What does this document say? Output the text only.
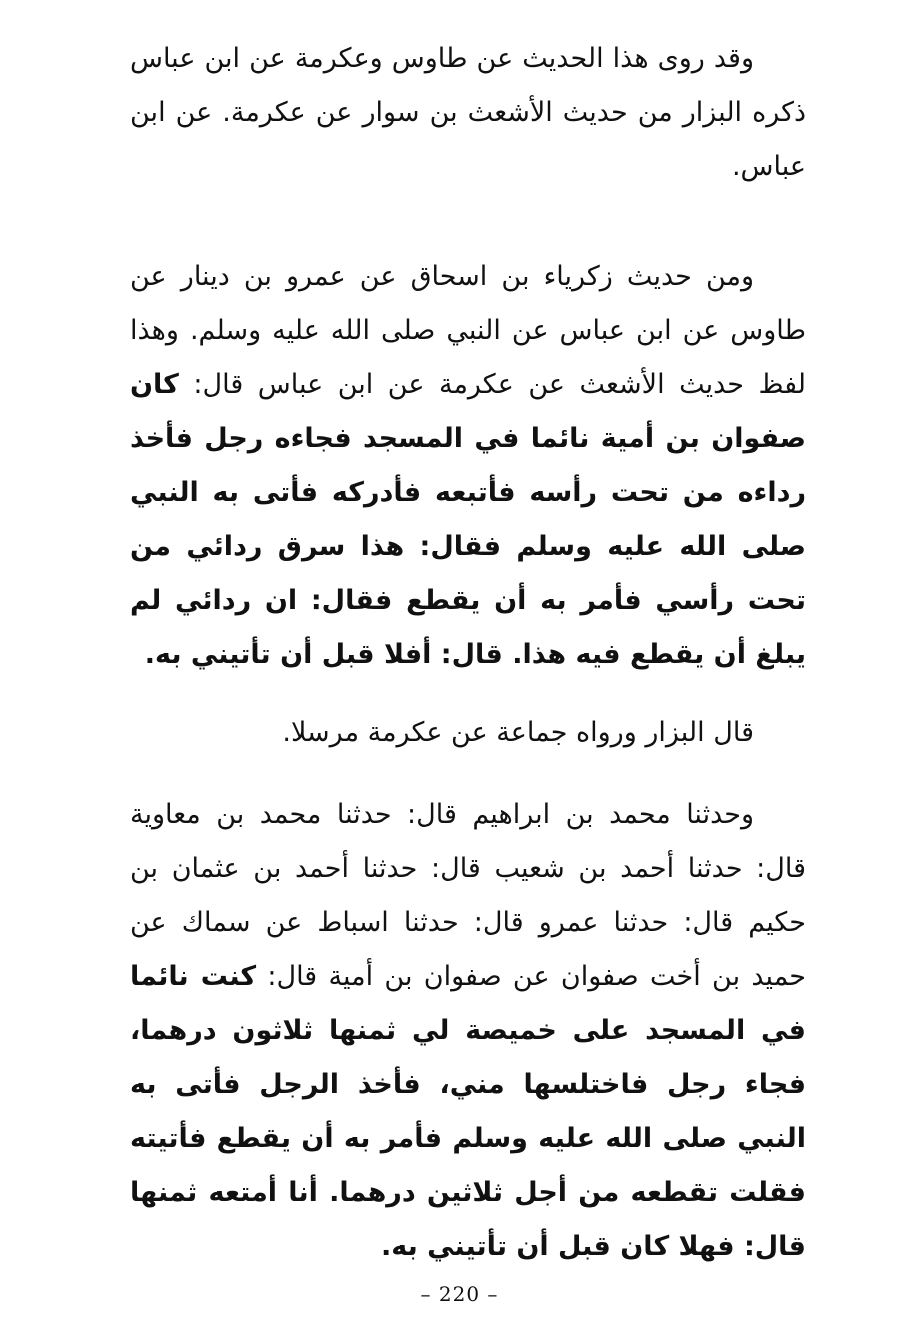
وقد روى هذا الحديث عن طاوس وعكرمة عن ابن عباس ذكره البزار من حديث الأشعث بن سوار عن عكرمة. عن ابن عباس.

ومن حديث زكرياء بن اسحاق عن عمرو بن دينار عن طاوس عن ابن عباس عن النبي صلى الله عليه وسلم. وهذا لفظ حديث الأشعث عن عكرمة عن ابن عباس قال: كان صفوان بن أمية نائما في المسجد فجاءه رجل فأخذ رداءه من تحت رأسه فأتبعه فأدركه فأتى به النبي صلى الله عليه وسلم فقال: هذا سرق ردائي من تحت رأسي فأمر به أن يقطع فقال: ان ردائي لم يبلغ أن يقطع فيه هذا. قال: أفلا قبل أن تأتيني به.

قال البزار ورواه جماعة عن عكرمة مرسلا.

وحدثنا محمد بن ابراهيم قال: حدثنا محمد بن معاوية قال: حدثنا أحمد بن شعيب قال: حدثنا أحمد بن عثمان بن حكيم قال: حدثنا عمرو قال: حدثنا اسباط عن سماك عن حميد بن أخت صفوان عن صفوان بن أمية قال: كنت نائما في المسجد على خميصة لي ثمنها ثلاثون درهما، فجاء رجل فاختلسها مني، فأخذ الرجل فأتى به النبي صلى الله عليه وسلم فأمر به أن يقطع فأتيته فقلت تقطعه من أجل ثلاثين درهما. أنا أمتعه ثمنها قال: فهلا كان قبل أن تأتيني به.

– 220 –
